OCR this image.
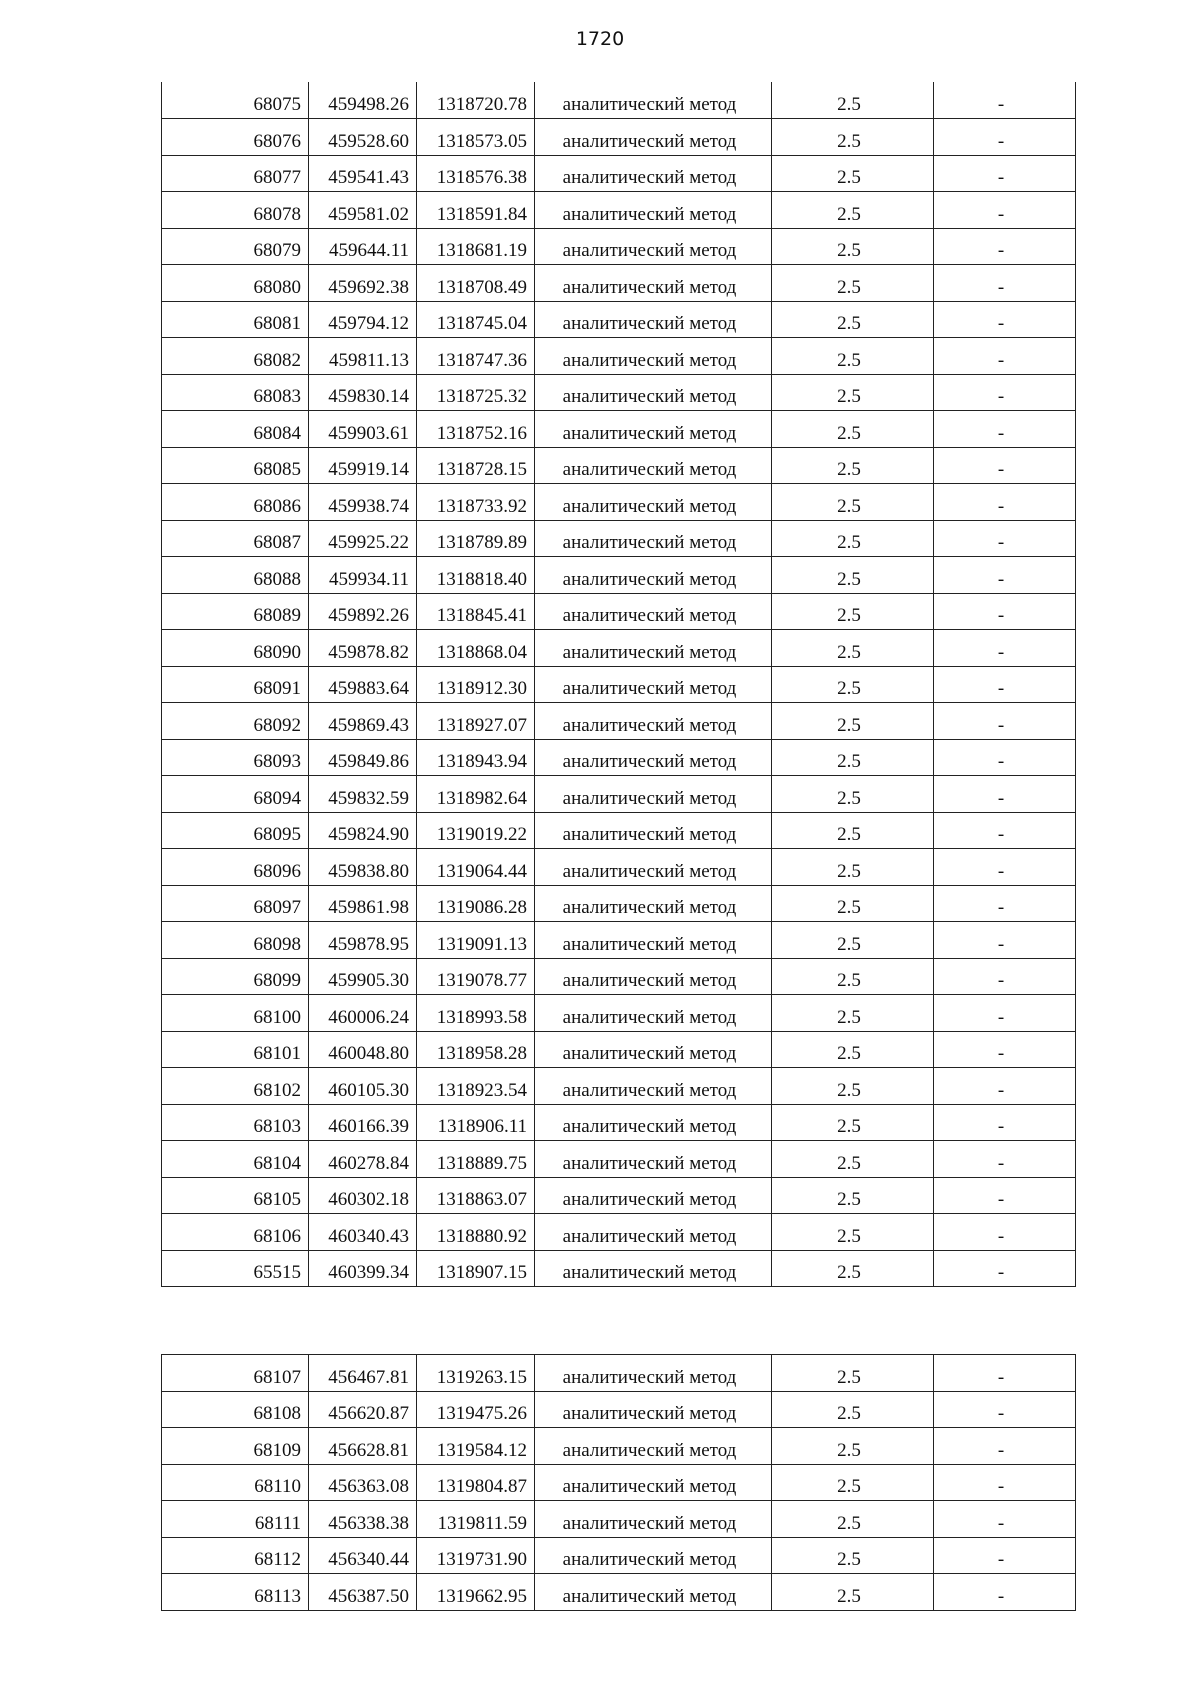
1720
68075	459498.26	1318720.78	аналитический метод	2.5	-
68076	459528.60	1318573.05	аналитический метод	2.5	-
68077	459541.43	1318576.38	аналитический метод	2.5	-
68078	459581.02	1318591.84	аналитический метод	2.5	-
68079	459644.11	1318681.19	аналитический метод	2.5	-
68080	459692.38	1318708.49	аналитический метод	2.5	-
68081	459794.12	1318745.04	аналитический метод	2.5	-
68082	459811.13	1318747.36	аналитический метод	2.5	-
68083	459830.14	1318725.32	аналитический метод	2.5	-
68084	459903.61	1318752.16	аналитический метод	2.5	-
68085	459919.14	1318728.15	аналитический метод	2.5	-
68086	459938.74	1318733.92	аналитический метод	2.5	-
68087	459925.22	1318789.89	аналитический метод	2.5	-
68088	459934.11	1318818.40	аналитический метод	2.5	-
68089	459892.26	1318845.41	аналитический метод	2.5	-
68090	459878.82	1318868.04	аналитический метод	2.5	-
68091	459883.64	1318912.30	аналитический метод	2.5	-
68092	459869.43	1318927.07	аналитический метод	2.5	-
68093	459849.86	1318943.94	аналитический метод	2.5	-
68094	459832.59	1318982.64	аналитический метод	2.5	-
68095	459824.90	1319019.22	аналитический метод	2.5	-
68096	459838.80	1319064.44	аналитический метод	2.5	-
68097	459861.98	1319086.28	аналитический метод	2.5	-
68098	459878.95	1319091.13	аналитический метод	2.5	-
68099	459905.30	1319078.77	аналитический метод	2.5	-
68100	460006.24	1318993.58	аналитический метод	2.5	-
68101	460048.80	1318958.28	аналитический метод	2.5	-
68102	460105.30	1318923.54	аналитический метод	2.5	-
68103	460166.39	1318906.11	аналитический метод	2.5	-
68104	460278.84	1318889.75	аналитический метод	2.5	-
68105	460302.18	1318863.07	аналитический метод	2.5	-
68106	460340.43	1318880.92	аналитический метод	2.5	-
65515	460399.34	1318907.15	аналитический метод	2.5	-
68107	456467.81	1319263.15	аналитический метод	2.5	-
68108	456620.87	1319475.26	аналитический метод	2.5	-
68109	456628.81	1319584.12	аналитический метод	2.5	-
68110	456363.08	1319804.87	аналитический метод	2.5	-
68111	456338.38	1319811.59	аналитический метод	2.5	-
68112	456340.44	1319731.90	аналитический метод	2.5	-
68113	456387.50	1319662.95	аналитический метод	2.5	-
